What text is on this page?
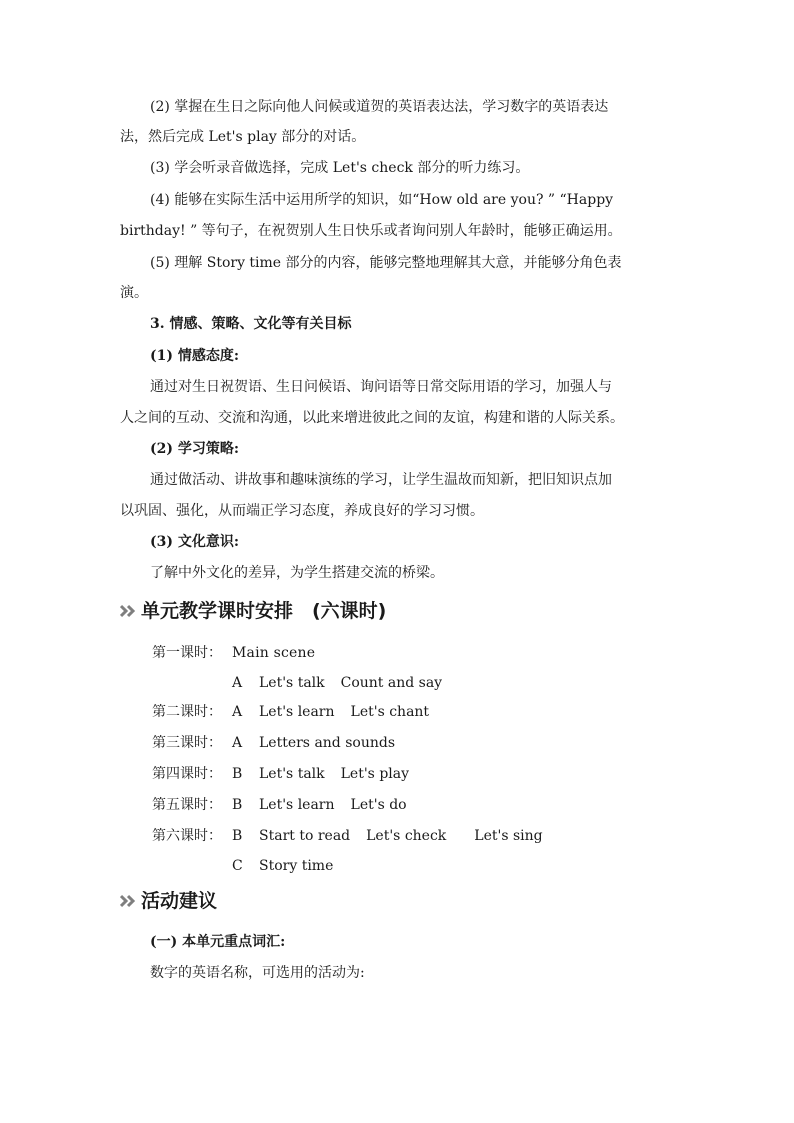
(2) 掌握在生日之际向他人问候或道贺的英语表达法，学习数字的英语表达
法，然后完成 Let's play 部分的对话。
(3) 学会听录音做选择，完成 Let's check 部分的听力练习。
(4) 能够在实际生活中运用所学的知识，如“How old are you? ” “Happy
birthday! ” 等句子，在祝贺别人生日快乐或者询问别人年龄时，能够正确运用。
(5) 理解 Story time 部分的内容，能够完整地理解其大意，并能够分角色表
演。
3. 情感、策略、文化等有关目标
(1) 情感态度:
通过对生日祝贺语、生日问候语、询问语等日常交际用语的学习，加强人与
人之间的互动、交流和沟通，以此来增进彼此之间的友谊，构建和谐的人际关系。
(2) 学习策略:
通过做活动、讲故事和趣味演练的学习，让学生温故而知新，把旧知识点加
以巩固、强化，从而端正学习态度，养成良好的学习习惯。
(3) 文化意识:
了解中外文化的差异，为学生搭建交流的桥梁。
单元教学课时安排　(六课时)
第一课时： Main scene
A Let's talk Count and say
第二课时： A Let's learn Let's chant
第三课时： A Letters and sounds
第四课时： B Let's talk Let's play
第五课时： B Let's learn Let's do
第六课时： B Start to read Let's check Let's sing
C Story time
活动建议
(一) 本单元重点词汇:
数字的英语名称，可选用的活动为:
